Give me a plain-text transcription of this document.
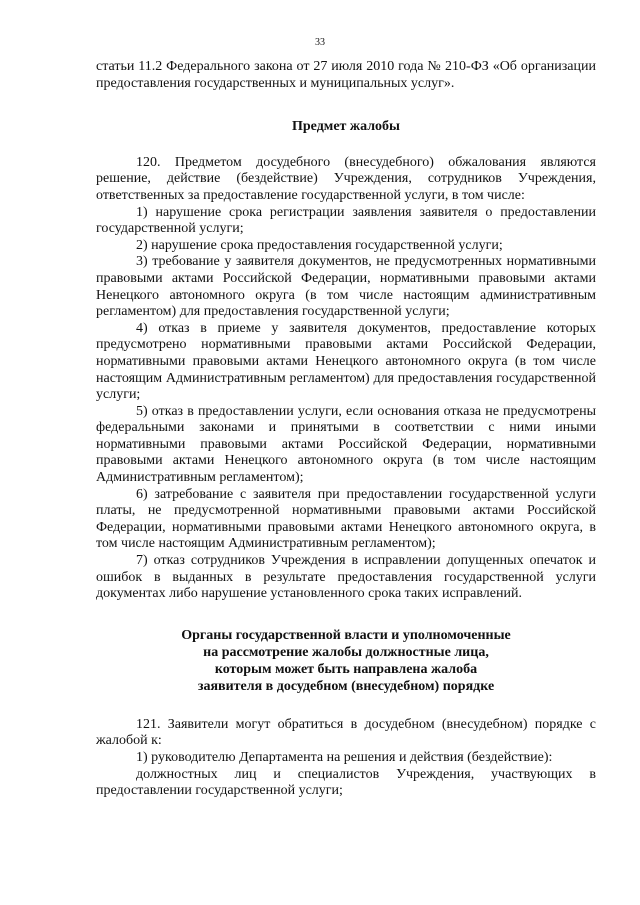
33

статьи 11.2 Федерального закона от 27 июля 2010 года № 210-ФЗ «Об организации предоставления государственных и муниципальных услуг».

Предмет жалобы

120. Предметом досудебного (внесудебного) обжалования являются решение, действие (бездействие) Учреждения, сотрудников Учреждения, ответственных за предоставление государственной услуги, в том числе:

1) нарушение срока регистрации заявления заявителя о предоставлении государственной услуги;

2) нарушение срока предоставления государственной услуги;

3) требование у заявителя документов, не предусмотренных нормативными правовыми актами Российской Федерации, нормативными правовыми актами Ненецкого автономного округа (в том числе настоящим административным регламентом) для предоставления государственной услуги;

4) отказ в приеме у заявителя документов, предоставление которых предусмотрено нормативными правовыми актами Российской Федерации, нормативными правовыми актами Ненецкого автономного округа (в том числе настоящим Административным регламентом) для предоставления государственной услуги;

5) отказ в предоставлении услуги, если основания отказа не предусмотрены федеральными законами и принятыми в соответствии с ними иными нормативными правовыми актами Российской Федерации, нормативными правовыми актами Ненецкого автономного округа (в том числе настоящим Административным регламентом);

6) затребование с заявителя при предоставлении государственной услуги платы, не предусмотренной нормативными правовыми актами Российской Федерации, нормативными правовыми актами Ненецкого автономного округа, в том числе настоящим Административным регламентом);

7) отказ сотрудников Учреждения в исправлении допущенных опечаток и ошибок в выданных в результате предоставления государственной услуги документах либо нарушение установленного срока таких исправлений.

Органы государственной власти и уполномоченные
на рассмотрение жалобы должностные лица,
которым может быть направлена жалоба
заявителя в досудебном (внесудебном) порядке

121. Заявители могут обратиться в досудебном (внесудебном) порядке с жалобой к:

1) руководителю Департамента на решения и действия (бездействие):

должностных лиц и специалистов Учреждения, участвующих в предоставлении государственной услуги;
